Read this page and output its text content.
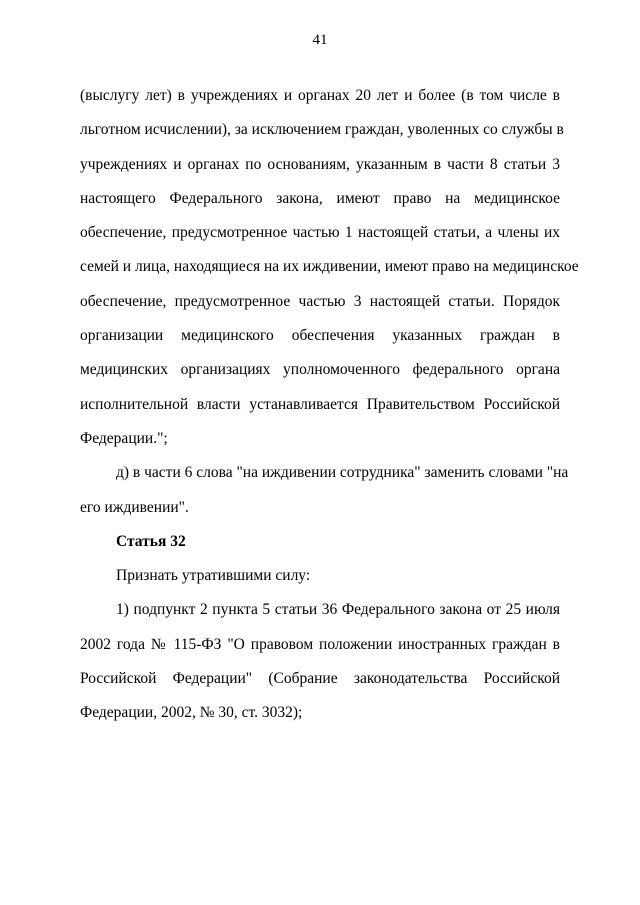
41
(выслугу лет) в учреждениях и органах 20 лет и более (в том числе в
льготном исчислении), за исключением граждан, уволенных со службы в
учреждениях и органах по основаниям, указанным в части 8 статьи 3
настоящего Федерального закона, имеют право на медицинское
обеспечение, предусмотренное частью 1 настоящей статьи, а члены их
семей и лица, находящиеся на их иждивении, имеют право на медицинское
обеспечение, предусмотренное частью 3 настоящей статьи. Порядок
организации медицинского обеспечения указанных граждан в
медицинских организациях уполномоченного федерального органа
исполнительной власти устанавливается Правительством Российской
Федерации.";
д) в части 6 слова "на иждивении сотрудника" заменить словами "на
его иждивении".
Статья 32
Признать утратившими силу:
1) подпункт 2 пункта 5 статьи 36 Федерального закона от 25 июля
2002 года № 115-ФЗ "О правовом положении иностранных граждан в
Российской Федерации" (Собрание законодательства Российской
Федерации, 2002, № 30, ст. 3032);
